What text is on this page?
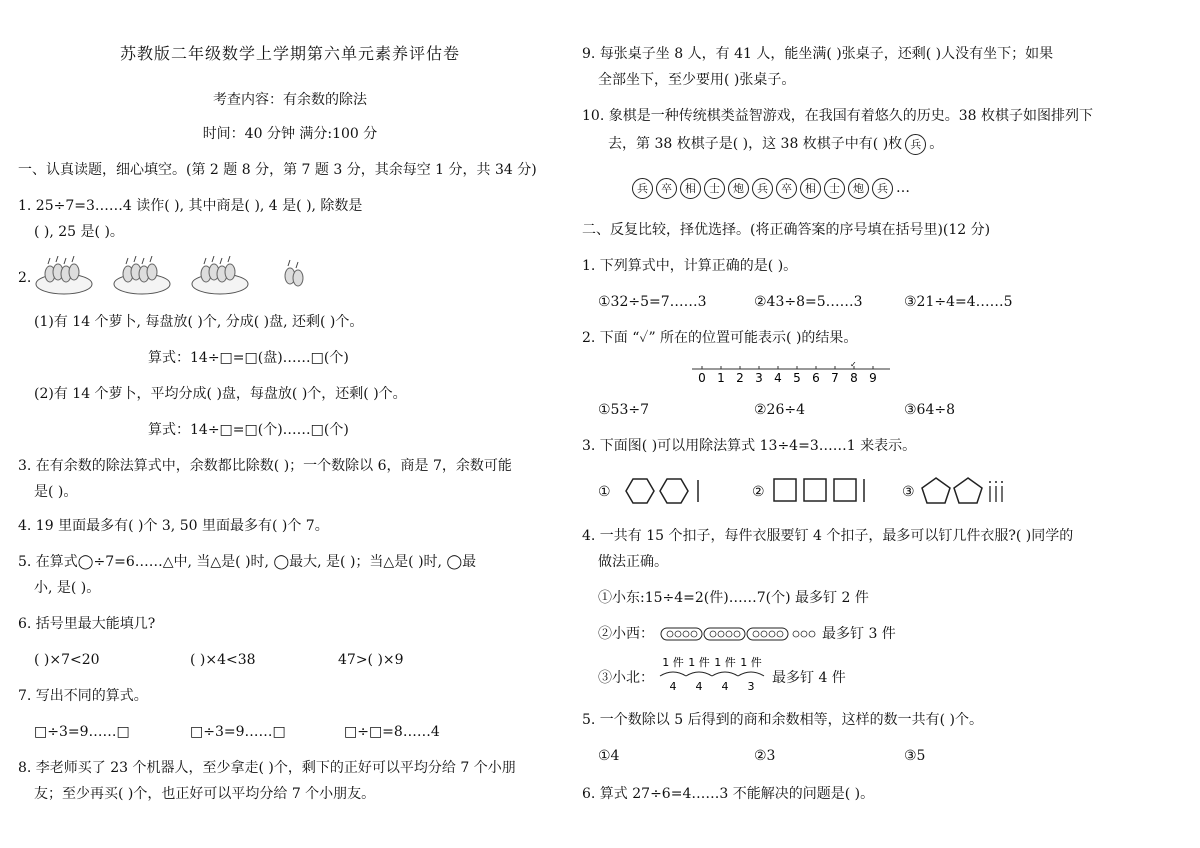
苏教版二年级数学上学期第六单元素养评估卷
考查内容：有余数的除法
时间：40 分钟 满分:100 分
一、认真读题，细心填空。(第 2 题 8 分，第 7 题 3 分，其余每空 1 分，共 34 分)
1. 25÷7=3……4 读作( ), 其中商是( ), 4 是( ), 除数是
( ), 25 是( )。
2.
(1)有 14 个萝卜, 每盘放( )个, 分成( )盘, 还剩( )个。
算式：14÷□=□(盘)……□(个)
(2)有 14 个萝卜，平均分成( )盘，每盘放( )个，还剩( )个。
算式：14÷□=□(个)……□(个)
3. 在有余数的除法算式中，余数都比除数( )；一个数除以 6，商是 7，余数可能
是( )。
4. 19 里面最多有( )个 3, 50 里面最多有( )个 7。
5. 在算式◯÷7=6……△中, 当△是( )时, ◯最大, 是( )；当△是( )时, ◯最
小, 是( )。
6. 括号里最大能填几?
( )×7<20	( )×4<38	47>( )×9
7. 写出不同的算式。
□÷3=9……□	□÷3=9……□	□÷□=8……4
8. 李老师买了 23 个机器人，至少拿走( )个，剩下的正好可以平均分给 7 个小朋
友；至少再买( )个，也正好可以平均分给 7 个小朋友。
9. 每张桌子坐 8 人，有 41 人，能坐满( )张桌子，还剩( )人没有坐下；如果
全部坐下，至少要用( )张桌子。
10. 象棋是一种传统棋类益智游戏，在我国有着悠久的历史。38 枚棋子如图排列下
去，第 38 枚棋子是( )，这 38 枚棋子中有( )枚 兵 。
兵 卒 相 士 炮 兵 卒 相 士 炮 兵 …
二、反复比较，择优选择。(将正确答案的序号填在括号里)(12 分)
1. 下列算式中，计算正确的是( )。
①32÷5=7……3	②43÷8=5……3	③21÷4=4……5
2. 下面 “✓” 所在的位置可能表示( )的结果。
0 1 2 3 4 5 6 7 8 9
✓
①53÷7	②26÷4	③64÷8
3. 下面图( )可以用除法算式 13÷4=3……1 来表示。
①	②	③
4. 一共有 15 个扣子，每件衣服要钉 4 个扣子，最多可以钉几件衣服?( )同学的
做法正确。
①小东:15÷4=2(件)……7(个) 最多钉 2 件
②小西：	最多钉 3 件
③小北：
1 件
4
1 件
4
1 件
4
1 件
3
最多钉 4 件
5. 一个数除以 5 后得到的商和余数相等，这样的数一共有( )个。
①4	②3	③5
6. 算式 27÷6=4……3 不能解决的问题是( )。
